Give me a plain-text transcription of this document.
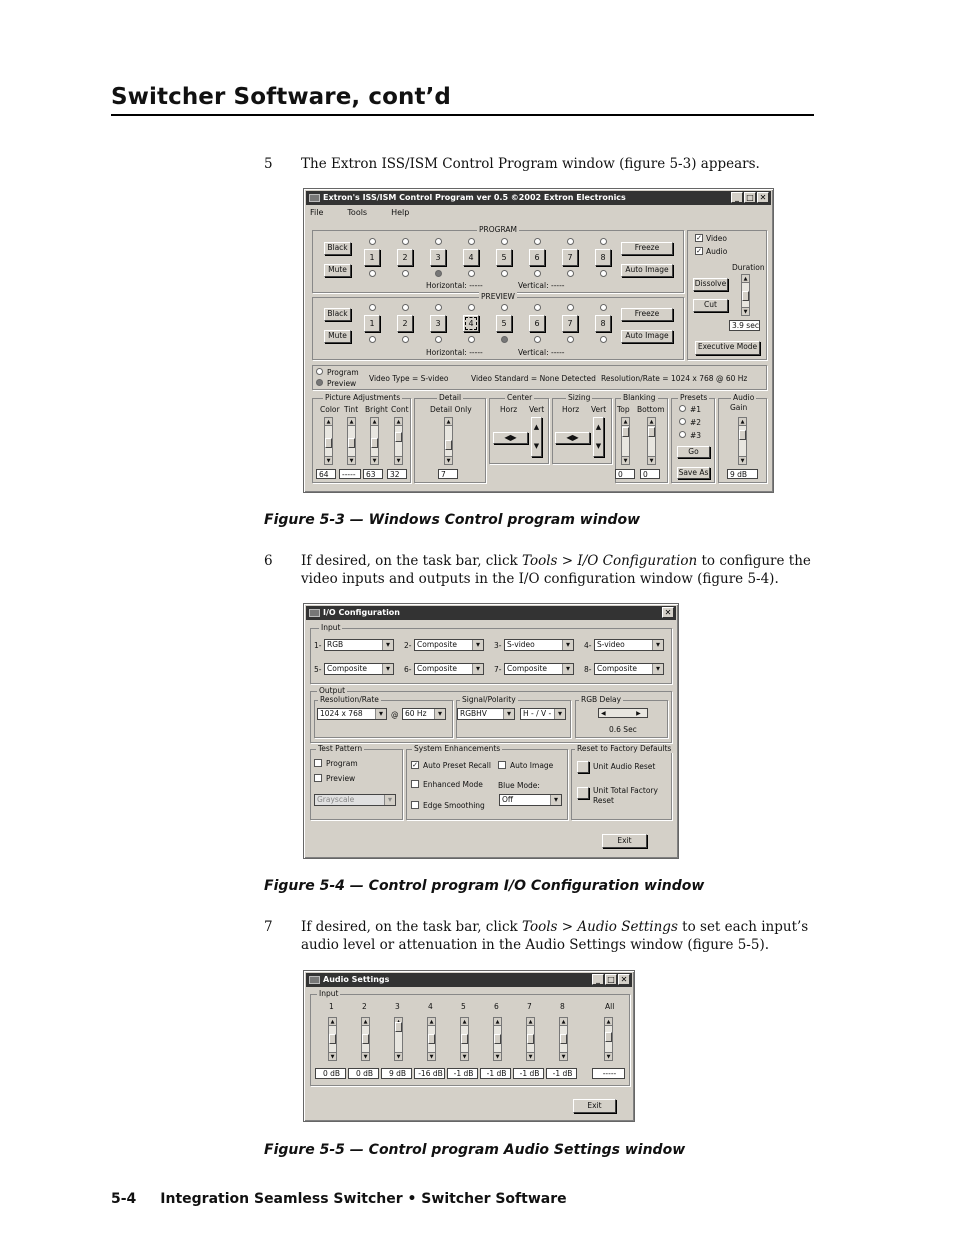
Switcher Software, cont’d
5 The Extron ISS/ISM Control Program window (figure 5-3) appears.
Extron's ISS/ISM Control Program ver 0.5 ©2002 Extron Electronics	_ □ ✕
File	Tools	Help
PROGRAM
Black
Mute
Freeze
Auto Image
Horizontal: -----	Vertical: -----
PREVIEW
Black
Mute
Freeze
Auto Image
Horizontal: -----	Vertical: -----
✓ Video
✓ Audio
Duration
Dissolve
Cut
▲
▼
3.9 sec
Executive Mode
Program
Preview
Video Type = S-video	Video Standard = None Detected Resolution/Rate = 1024 x 768 @ 60 Hz
Picture Adjustments	Detail	Center	Sizing	Blanking	Presets	Audio
Gain
Color Tint Bright Cont
▲
▼
▲
▼
▲
▼
▲
▼
64	-----	63	32
Detail Only
▲
▼
7
Horz Vert
◀▶
▲
▼
Horz Vert
◀▶
▲
▼
Top Bottom
▲
▼
▲
▼
0	0
#1
#2
#3
Go
Save As
▲
▼
9 dB
1	2	3	4	5	6	7	8
1	2	3	4	5	6	7	8
Figure 5-3 — Windows Control program window
6 If desired, on the task bar, click Tools > I/O Configuration to configure the video inputs and outputs in the I/O configuration window (figure 5-4).
I/O Configuration	✕
Input
Output
Resolution/Rate
1024 x 768 ▾	@ 60 Hz ▾
Signal/Polarity
RGBHV ▾	H - / V - ▾
RGB Delay
◀                ▶
0.6 Sec
Test Pattern
Program
Preview
Grayscale ▾
System Enhancements
✓ Auto Preset Recall	Auto Image
Enhanced Mode Blue Mode:
Off ▾
Edge Smoothing
Reset to Factory Defaults
Unit Audio Reset
Unit Total Factory
Reset
Exit
1- RGB ▾	2- Composite ▾	3- S-video ▾	4- S-video ▾
5- Composite ▾	6- Composite ▾	7- Composite ▾	8- Composite ▾
Figure 5-4 — Control program I/O Configuration window
7 If desired, on the task bar, click Tools > Audio Settings to set each input’s audio level or attenuation in the Audio Settings window (figure 5-5).
Audio Settings	_ □ ✕
Input
Exit
1
▲
▼
0 dB
2
▲
▼
0 dB
3
▼
9 dB
4
▲
▼
-16 dB
5
▲
▼
-1 dB
6
▲
▼
-1 dB
7
▲
▼
-1 dB
8
▲
▼
-1 dB
All
▲
▼
-----
Figure 5-5 — Control program Audio Settings window
5-4 Integration Seamless Switcher • Switcher Software
